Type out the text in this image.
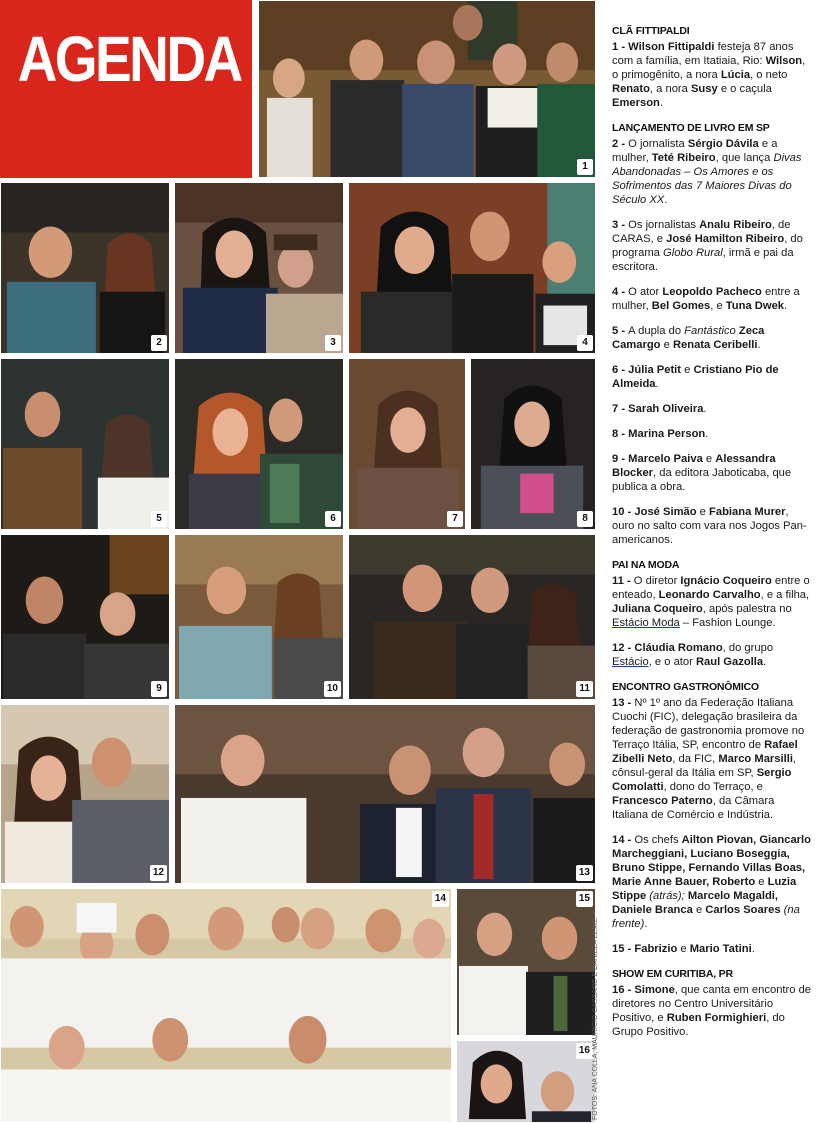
AGENDA
1
2	3	4
5	6	7	8
9	10	11
12	13
14	15
16 FOTOS: ANA COLLA, MAURÍCIO CASSANO E DANIELA LEMIE
CLÃ FITTIPALDI

1 - Wilson Fittipaldi festeja 87 anos com a família, em Itatiaia, Rio: Wilson, o primogênito, a nora Lúcia, o neto Renato, a nora Susy e o caçula Emerson.

LANÇAMENTO DE LIVRO EM SP

2 - O jornalista Sérgio Dávila e a mulher, Teté Ribeiro, que lança Divas Abandonadas – Os Amores e os Sofrimentos das 7 Maiores Divas do Século XX.

3 - Os jornalistas Analu Ribeiro, de CARAS, e José Hamilton Ribeiro, do programa Globo Rural, irmã e pai da escritora.

4 - O ator Leopoldo Pacheco entre a mulher, Bel Gomes, e Tuna Dwek.

5 - A dupla do Fantástico Zeca Camargo e Renata Ceribelli.

6 - Júlia Petit e Cristiano Pio de Almeida.

7 - Sarah Oliveira.

8 - Marina Person.

9 - Marcelo Paiva e Alessandra Blocker, da editora Jaboticaba, que publica a obra.

10 - José Simão e Fabiana Murer, ouro no salto com vara nos Jogos Pan-americanos.

PAI NA MODA

11 - O diretor Ignácio Coqueiro entre o enteado, Leonardo Carvalho, e a filha, Juliana Coqueiro, após palestra no Estácio Moda – Fashion Lounge.

12 - Cláudia Romano, do grupo Estácio, e o ator Raul Gazolla.

ENCONTRO GASTRONÔMICO

13 - Nº 1º ano da Federação Italiana Cuochi (FIC), delegação brasileira da federação de gastronomia promove no Terraço Itália, SP, encontro de Rafael Zibelli Neto, da FIC, Marco Marsilli, cônsul-geral da Itália em SP, Sergio Comolatti, dono do Terraço, e Francesco Paterno, da Câmara Italiana de Comércio e Indústria.

14 - Os chefs Ailton Piovan, Giancarlo Marcheggiani, Luciano Boseggia, Bruno Stippe, Fernando Villas Boas, Marie Anne Bauer, Roberto e Luzia Stippe (atrás); Marcelo Magaldi, Daniele Branca e Carlos Soares (na frente).

15 - Fabrizio e Mario Tatini.

SHOW EM CURITIBA, PR

16 - Simone, que canta em encontro de diretores no Centro Universitário Positivo, e Ruben Formighieri, do Grupo Positivo.
